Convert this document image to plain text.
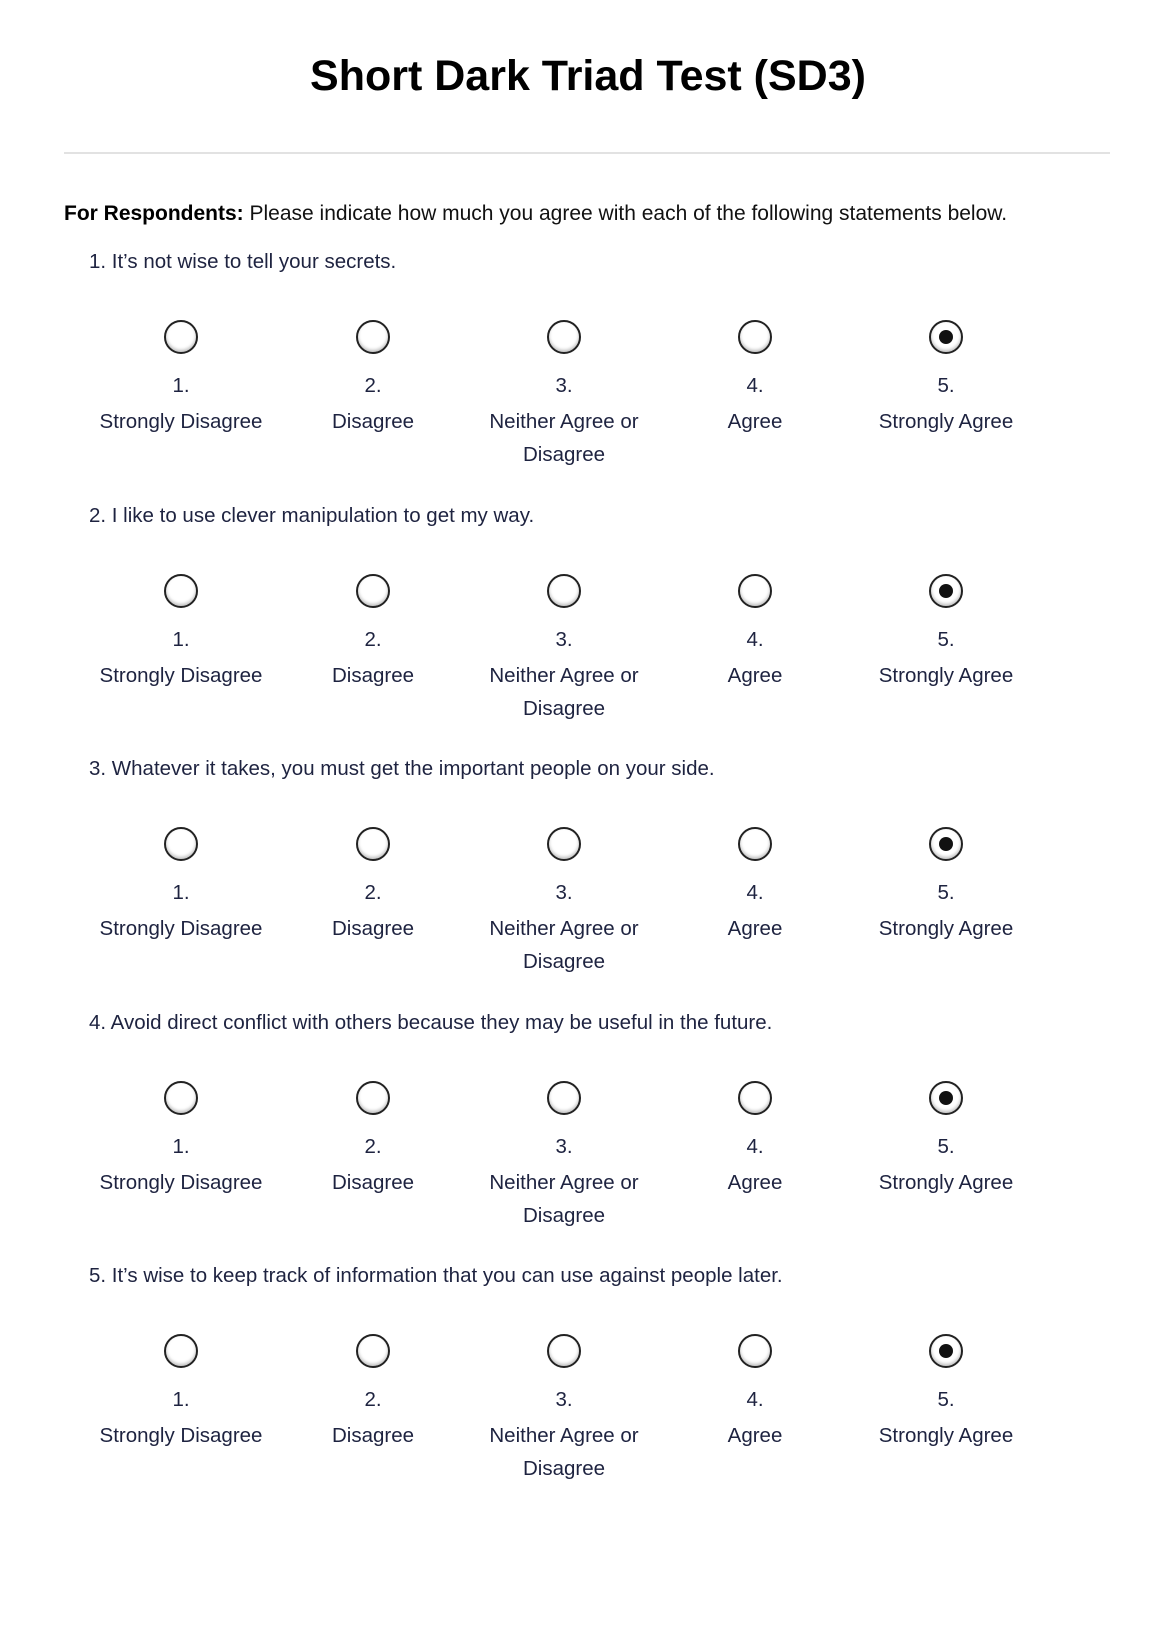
Short Dark Triad Test (SD3)
For Respondents: Please indicate how much you agree with each of the following statements below.
1. It’s not wise to tell your secrets.
1.
Strongly Disagree
2.
Disagree
3.
Neither Agree or Disagree
4.
Agree
5.
Strongly Agree
2. I like to use clever manipulation to get my way.
1.
Strongly Disagree
2.
Disagree
3.
Neither Agree or Disagree
4.
Agree
5.
Strongly Agree
3. Whatever it takes, you must get the important people on your side.
1.
Strongly Disagree
2.
Disagree
3.
Neither Agree or Disagree
4.
Agree
5.
Strongly Agree
4. Avoid direct conflict with others because they may be useful in the future.
1.
Strongly Disagree
2.
Disagree
3.
Neither Agree or Disagree
4.
Agree
5.
Strongly Agree
5. It’s wise to keep track of information that you can use against people later.
1.
Strongly Disagree
2.
Disagree
3.
Neither Agree or Disagree
4.
Agree
5.
Strongly Agree
